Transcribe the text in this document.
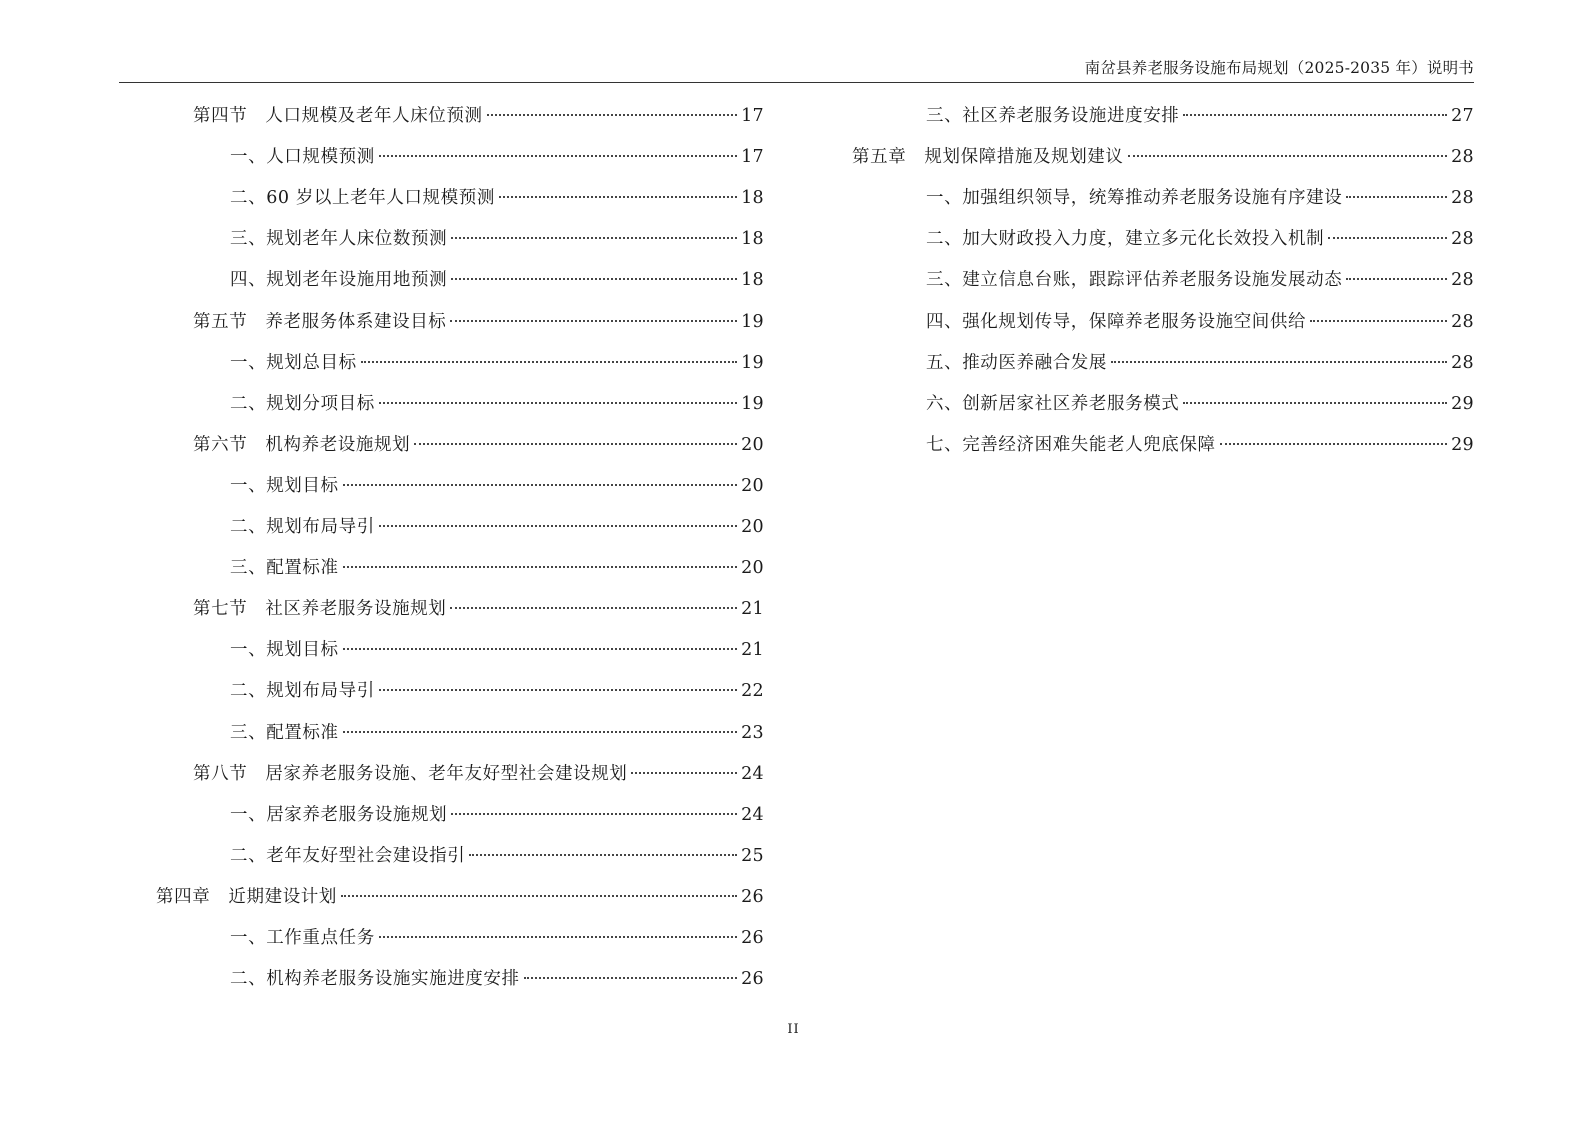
南岔县养老服务设施布局规划（2025-2035 年）说明书
第四节　人口规模及老年人床位预测	17
一、人口规模预测	17
二、60 岁以上老年人口规模预测	18
三、规划老年人床位数预测	18
四、规划老年设施用地预测	18
第五节　养老服务体系建设目标	19
一、规划总目标	19
二、规划分项目标	19
第六节　机构养老设施规划	20
一、规划目标	20
二、规划布局导引	20
三、配置标准	20
第七节　社区养老服务设施规划	21
一、规划目标	21
二、规划布局导引	22
三、配置标准	23
第八节　居家养老服务设施、老年友好型社会建设规划	24
一、居家养老服务设施规划	24
二、老年友好型社会建设指引	25
第四章　近期建设计划	26
一、工作重点任务	26
二、机构养老服务设施实施进度安排	26
三、社区养老服务设施进度安排	27
第五章　规划保障措施及规划建议	28
一、加强组织领导，统筹推动养老服务设施有序建设	28
二、加大财政投入力度，建立多元化长效投入机制	28
三、建立信息台账，跟踪评估养老服务设施发展动态	28
四、强化规划传导，保障养老服务设施空间供给	28
五、推动医养融合发展	28
六、创新居家社区养老服务模式	29
七、完善经济困难失能老人兜底保障	29
II
